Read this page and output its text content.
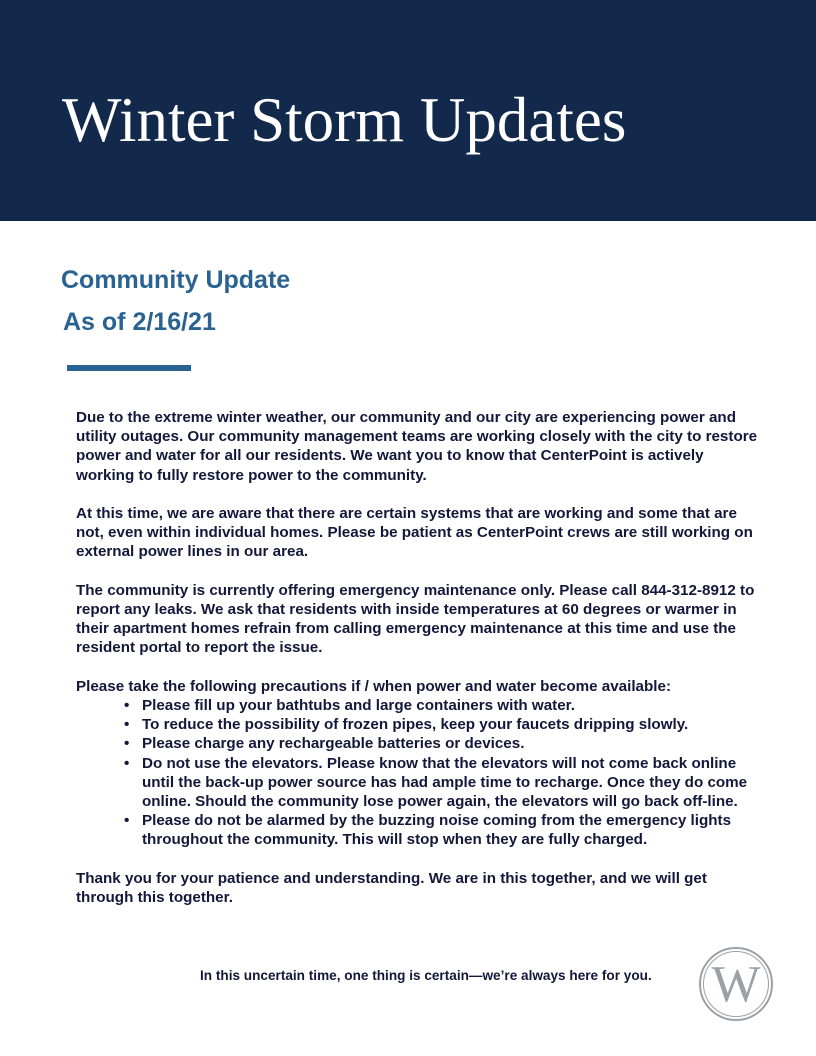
Winter Storm Updates
Community Update
As of 2/16/21

Due to the extreme winter weather, our community and our city are experiencing power and utility outages. Our community management teams are working closely with the city to restore power and water for all our residents. We want you to know that CenterPoint is actively working to fully restore power to the community.

At this time, we are aware that there are certain systems that are working and some that are not, even within individual homes. Please be patient as CenterPoint crews are still working on external power lines in our area.

The community is currently offering emergency maintenance only. Please call 844-312-8912 to report any leaks. We ask that residents with inside temperatures at 60 degrees or warmer in their apartment homes refrain from calling emergency maintenance at this time and use the resident portal to report the issue.

Please take the following precautions if / when power and water become available:

• Please fill up your bathtubs and large containers with water.
• To reduce the possibility of frozen pipes, keep your faucets dripping slowly.
• Please charge any rechargeable batteries or devices.
• Do not use the elevators. Please know that the elevators will not come back online until the back-up power source has had ample time to recharge. Once they do come online. Should the community lose power again, the elevators will go back off-line.
• Please do not be alarmed by the buzzing noise coming from the emergency lights throughout the community. This will stop when they are fully charged.

Thank you for your patience and understanding. We are in this together, and we will get through this together.

In this uncertain time, one thing is certain—we’re always here for you. W
